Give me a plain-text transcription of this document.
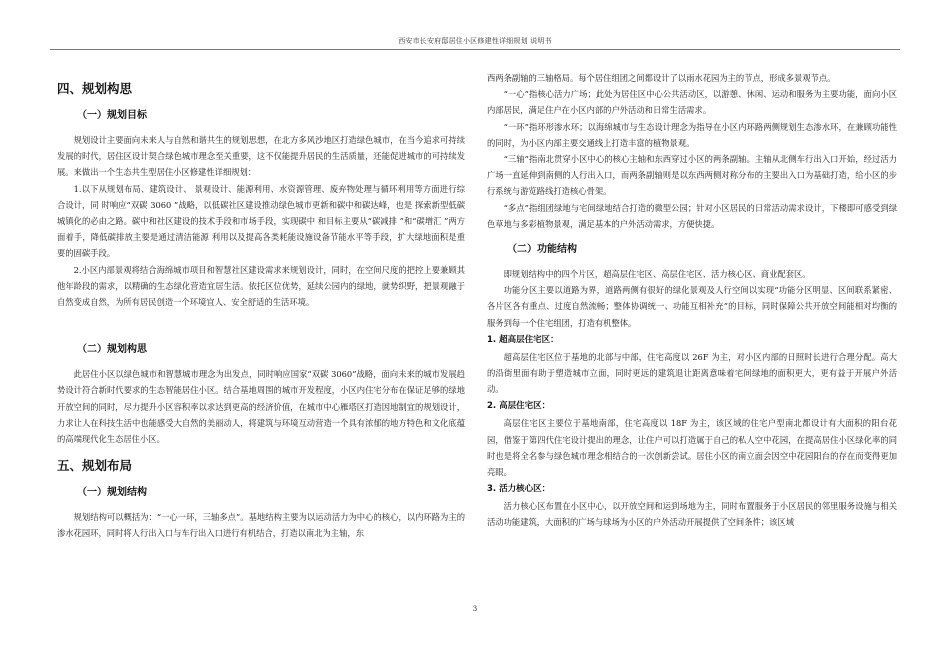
西安市长安府邸居住小区修建性详细规划 说明书
四、规划构思
（一）规划目标

规划设计主要面向未来人与自然和谐共生的规划思想，在北方多风沙地区打造绿色城市，在当今追求可持续发展的时代，居住区设计契合绿色城市理念至关重要，这不仅能提升居民的生活质量，还能促进城市的可持续发展。来做出一个生态共生型居住小区修建性详细规划：

1.以下从规划布局、建筑设计、 景观设计、能源利用、水资源管理、废弃物处理与循环利用等方面进行综合设计，同 时响应“双碳 3060 ”战略，以低碳社区建设推动绿色城市更新和碳中和碳达峰，也是 探索新型低碳城镇化的必由之路。碳中和社区建设的技术手段和市场手段，实现碳中 和目标主要从“碳减排 ”和“碳增汇 ”两方面着手，降低碳排放主要是通过清洁能源 利用以及提高各类耗能设施设备节能水平等手段，扩大绿地面积是重要的固碳手段。

2.小区内部景观将结合海绵城市项目和智慧社区建设需求来规划设计，同时，在空间尺度的把控上要兼顾其他年龄段的需求，以精确的生态绿化营造宜居生活。依托区位优势，延续公园内的绿地，就势织野，把景观融于自然变成自然，为所有居民创造一个环境宜人、安全舒适的生活环境。

（二）规划构思

此居住小区以绿色城市和智慧城市理念为出发点，同时响应国家“双碳 3060”战略，面向未来的城市发展趋势设计符合新时代要求的生态智能居住小区。结合基地周围的城市开发程度，小区内住宅分布在保证足够的绿地开放空间的同时，尽力提升小区容积率以求达到更高的经济价值，在城市中心雁塔区打造因地制宜的规划设计，力求让人在科技生活中也能感受大自然的美丽动人，将建筑与环境互动营造一个具有浓郁的地方特色和文化底蕴的高端现代化生态居住小区。

五、规划布局
（一）规划结构

规划结构可以概括为：“一心一环，三轴多点”。基地结构主要为以运动活力为中心的核心，以内环路为主的渗水花园环，同时将人行出入口与车行出入口进行有机结合，打造以南北为主轴，东

西两条副轴的三轴格局。每个居住组团之间都设计了以雨水花园为主的节点，形成多景观节点。

“一心”指核心活力广场；此处为居住区中心公共活动区，以游憩、休闲、运动和服务为主要功能，面向小区内部居民，满足住户在小区内部的户外活动和日常生活需求。

“一环”指环形渗水环；以海绵城市与生态设计理念为指导在小区内环路两侧规划生态渗水环，在兼顾功能性的同时，为小区内部主要交通线上打造丰富的植物景观。

“三轴”指南北贯穿小区中心的核心主轴和东西穿过小区的两条副轴。主轴从北侧车行出入口开始，经过活力广场一直延伸到南侧的人行出入口，而两条副轴则是以东西两侧对称分布的主要出入口为基础打造，给小区的步行系统与游览路线打造核心骨架。

“多点”指组团绿地与宅间绿地结合打造的微型公园；针对小区居民的日常活动需求设计，下楼即可感受到绿色草地与多彩植物景观，满足基本的户外活动需求，方便快捷。

（二）功能结构

即规划结构中的四个片区，超高层住宅区、高层住宅区、活力核心区、商业配套区。

功能分区主要以道路为界，道路两侧有很好的绿化景观及人行空间以实现“功能分区明显、区间联系紧密、 各片区各有重点、过度自然流畅；整体协调统一、功能互相补充”的目标，同时保障公共开放空间能相对均衡的服务到每一个住宅组团，打造有机整体。

1. 超高层住宅区：

超高层住宅区位于基地的北部与中部，住宅高度以 26F 为主，对小区内部的日照时长进行合理分配。高大的沿街里面有助于塑造城市立面，同时更远的建筑退让距离意味着宅间绿地的面积更大，更有益于开展户外活动。

2. 高层住宅区：

高层住宅区主要位于基地南部，住宅高度以 18F 为主，该区域的住宅户型南北都设计有大面积的阳台花园，借鉴于第四代住宅设计提出的理念，让住户可以打造属于自己的私人空中花园，在提高居住小区绿化率的同时也是将全名参与绿色城市理念相结合的一次创新尝试。居住小区的南立面会因空中花园阳台的存在而变得更加亮眼。

3. 活力核心区：

活力核心区布置在小区中心，以开放空间和运到场地为主，同时布置服务于小区居民的邻里服务设施与相关活动功能建筑，大面积的广场与球场为小区的户外活动开展提供了空间条件；该区域

3
